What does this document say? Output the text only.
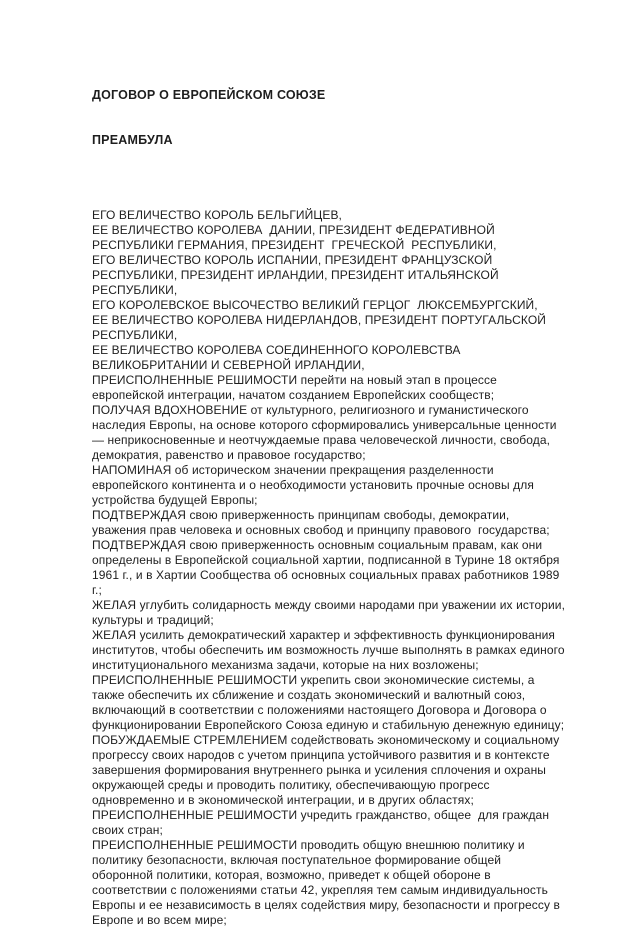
ДОГОВОР О ЕВРОПЕЙСКОМ СОЮЗЕ

ПРЕАМБУЛА

ЕГО ВЕЛИЧЕСТВО КОРОЛЬ БЕЛЬГИЙЦЕВ,
ЕЕ ВЕЛИЧЕСТВО КОРОЛЕВА  ДАНИИ, ПРЕЗИДЕНТ ФЕДЕРАТИВНОЙ
РЕСПУБЛИКИ ГЕРМАНИЯ, ПРЕЗИДЕНТ  ГРЕЧЕСКОЙ  РЕСПУБЛИКИ,
ЕГО ВЕЛИЧЕСТВО КОРОЛЬ ИСПАНИИ, ПРЕЗИДЕНТ ФРАНЦУЗСКОЙ
РЕСПУБЛИКИ, ПРЕЗИДЕНТ ИРЛАНДИИ, ПРЕЗИДЕНТ ИТАЛЬЯНСКОЙ
РЕСПУБЛИКИ,
ЕГО КОРОЛЕВСКОЕ ВЫСОЧЕСТВО ВЕЛИКИЙ ГЕРЦОГ  ЛЮКСЕМБУРГСКИЙ,
ЕЕ ВЕЛИЧЕСТВО КОРОЛЕВА НИДЕРЛАНДОВ, ПРЕЗИДЕНТ ПОРТУГАЛЬСКОЙ
РЕСПУБЛИКИ,
ЕЕ ВЕЛИЧЕСТВО КОРОЛЕВА СОЕДИНЕННОГО КОРОЛЕВСТВА
ВЕЛИКОБРИТАНИИ И СЕВЕРНОЙ ИРЛАНДИИ,
ПРЕИСПОЛНЕННЫЕ РЕШИМОСТИ перейти на новый этап в процессе
европейской интеграции, начатом созданием Европейских сообществ;
ПОЛУЧАЯ ВДОХНОВЕНИЕ от культурного, религиозного и гуманистического
наследия Европы, на основе которого сформировались универсальные ценности
— неприкосновенные и неотчуждаемые права человеческой личности, свобода,
демократия, равенство и правовое государство;
НАПОМИНАЯ об историческом значении прекращения разделенности
европейского континента и о необходимости установить прочные основы для
устройства будущей Европы;
ПОДТВЕРЖДАЯ свою приверженность принципам свободы, демократии,
уважения прав человека и основных свобод и принципу правового  государства;
ПОДТВЕРЖДАЯ свою приверженность основным социальным правам, как они
определены в Европейской социальной хартии, подписанной в Турине 18 октября
1961 г., и в Хартии Сообщества об основных социальных правах работников 1989
г.;
ЖЕЛАЯ углубить солидарность между своими народами при уважении их истории,
культуры и традиций;
ЖЕЛАЯ усилить демократический характер и эффективность функционирования
институтов, чтобы обеспечить им возможность лучше выполнять в рамках единого
институционального механизма задачи, которые на них возложены;
ПРЕИСПОЛНЕННЫЕ РЕШИМОСТИ укрепить свои экономические системы, а
также обеспечить их сближение и создать экономический и валютный союз,
включающий в соответствии с положениями настоящего Договора и Договора о
функционировании Европейского Союза единую и стабильную денежную единицу;
ПОБУЖДАЕМЫЕ СТРЕМЛЕНИЕМ содействовать экономическому и социальному
прогрессу своих народов с учетом принципа устойчивого развития и в контексте
завершения формирования внутреннего рынка и усиления сплочения и охраны
окружающей среды и проводить политику, обеспечивающую прогресс
одновременно и в экономической интеграции, и в других областях;
ПРЕИСПОЛНЕННЫЕ РЕШИМОСТИ учредить гражданство, общее  для граждан
своих стран;
ПРЕИСПОЛНЕННЫЕ РЕШИМОСТИ проводить общую внешнюю политику и
политику безопасности, включая поступательное формирование общей
оборонной политики, которая, возможно, приведет к общей обороне в
соответствии с положениями статьи 42, укрепляя тем самым индивидуальность
Европы и ее независимость в целях содействия миру, безопасности и прогрессу в
Европе и во всем мире;
